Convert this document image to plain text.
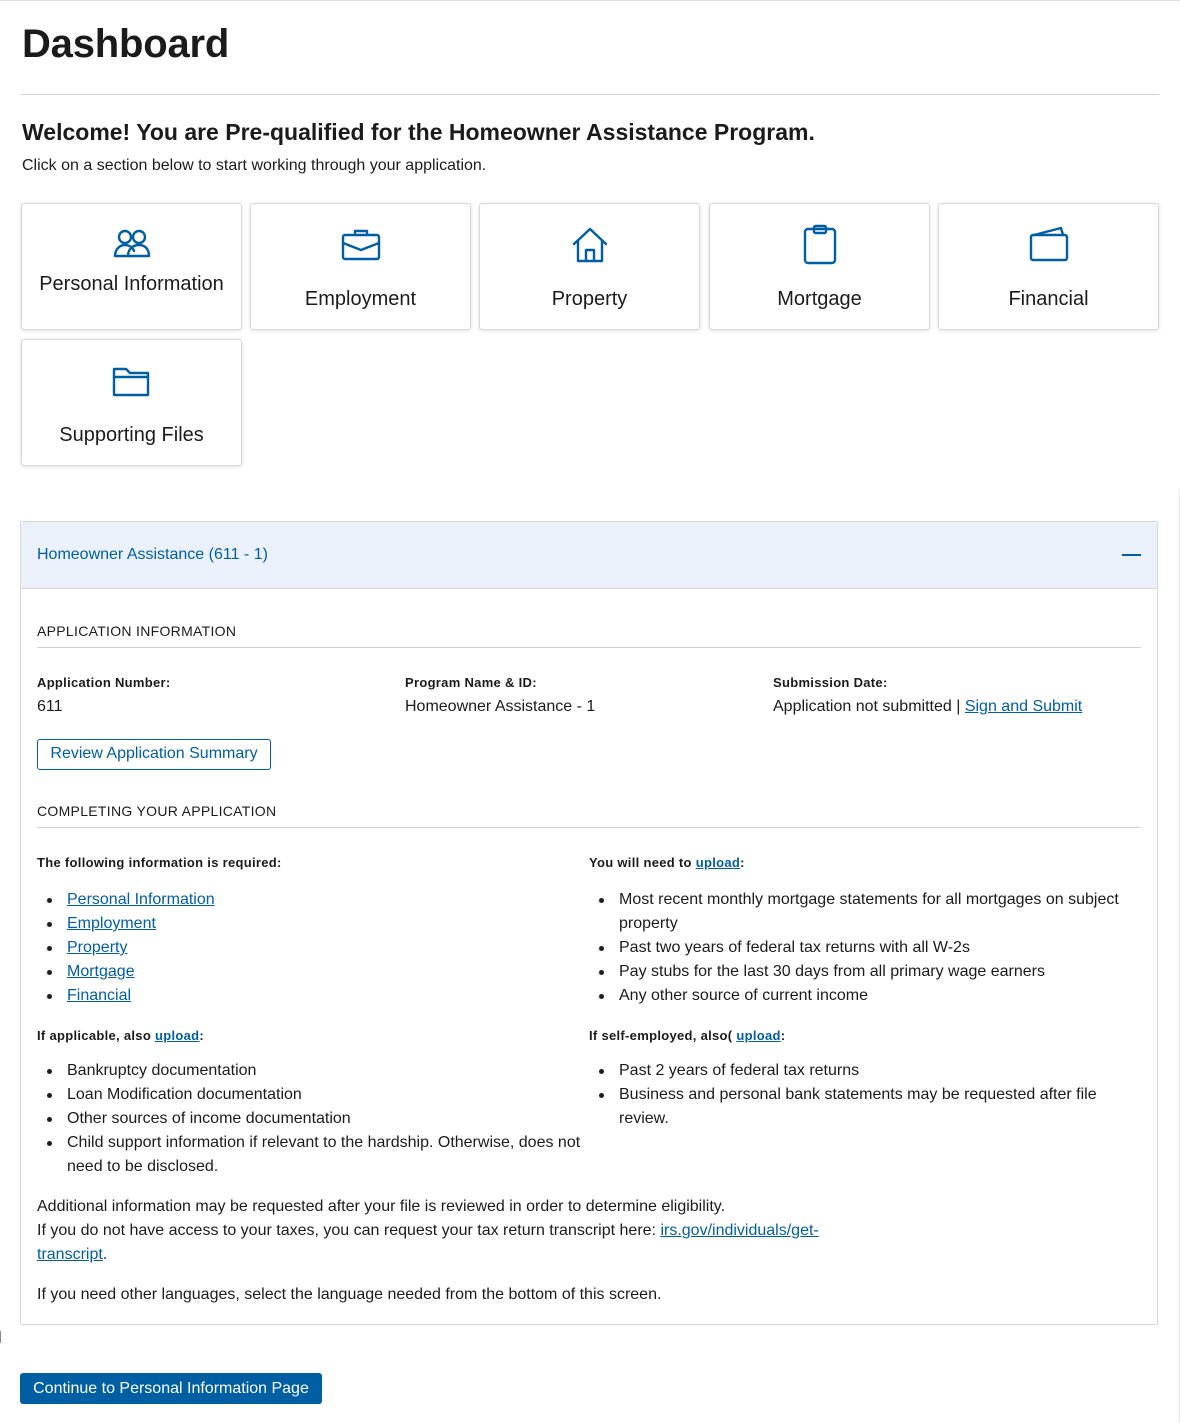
Dashboard
Welcome! You are Pre-qualified for the Homeowner Assistance Program.
Click on a section below to start working through your application.
Personal Information
Employment	Property	Mortgage	Financial
Supporting Files
Homeowner Assistance (611 - 1)
APPLICATION INFORMATION
Application Number:
611
Program Name & ID:
Homeowner Assistance - 1
Submission Date:
Application not submitted | Sign and Submit
Review Application Summary
COMPLETING YOUR APPLICATION
The following information is required:
Personal Information
Employment
Property
Mortgage
Financial
You will need to upload:
Most recent monthly mortgage statements for all mortgages on subject property
Past two years of federal tax returns with all W-2s
Pay stubs for the last 30 days from all primary wage earners
Any other source of current income
If applicable, also upload:
Bankruptcy documentation
Loan Modification documentation
Other sources of income documentation
Child support information if relevant to the hardship. Otherwise, does not need to be disclosed.
If self-employed, also( upload:
Past 2 years of federal tax returns
Business and personal bank statements may be requested after file review.
Additional information may be requested after your file is reviewed in order to determine eligibility.
If you do not have access to your taxes, you can request your tax return transcript here: irs.gov/individuals/get-transcript.
If you need other languages, select the language needed from the bottom of this screen.
Continue to Personal Information Page
